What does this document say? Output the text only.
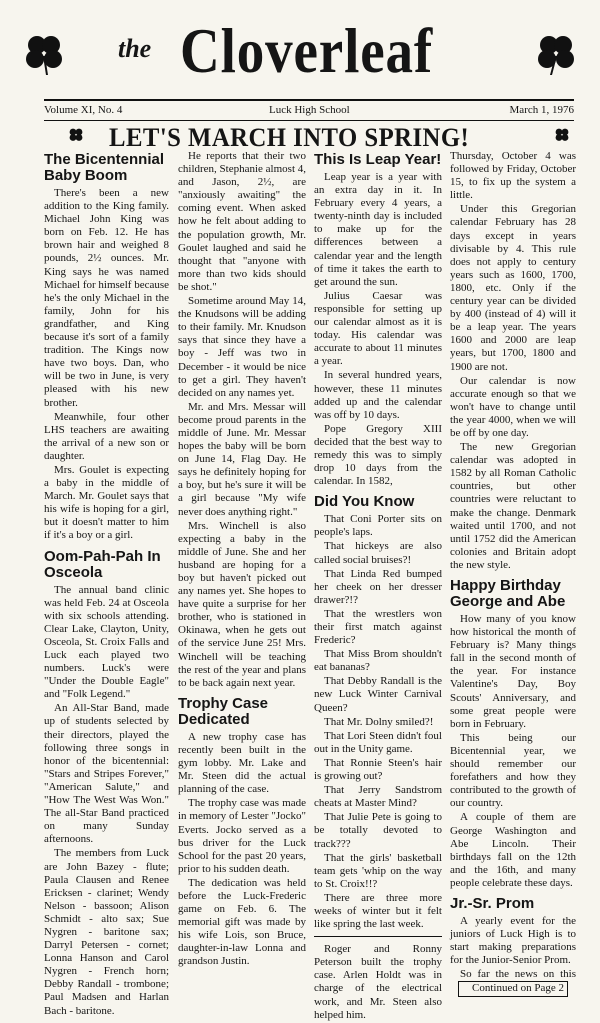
the Cloverleaf
Volume XI, No. 4	Luck High School	March 1, 1976
LET'S MARCH INTO SPRING!
The Bicentennial Baby Boom

There's been a new addition to the King family. Michael John King was born on Feb. 12. He has brown hair and weighed 8 pounds, 2½ ounces. Mr. King says he was named Michael for himself because he's the only Michael in the family, John for his grandfather, and King because it's sort of a family tradition. The Kings now have two boys. Dan, who will be two in June, is very pleased with his new brother.

Meanwhile, four other LHS teachers are awaiting the arrival of a new son or daughter.

Mrs. Goulet is expecting a baby in the middle of March. Mr. Goulet says that his wife is hoping for a girl, but it doesn't matter to him if it's a boy or a girl.

Oom-Pah-Pah In Osceola

The annual band clinic was held Feb. 24 at Osceola with six schools attending. Clear Lake, Clayton, Unity, Osceola, St. Croix Falls and Luck each played two numbers. Luck's were "Under the Double Eagle" and "Folk Legend."

An All-Star Band, made up of students selected by their directors, played the following three songs in honor of the bicentennial: "Stars and Stripes Forever," "American Salute," and "How The West Was Won." The all-Star Band practiced on many Sunday afternoons.

The members from Luck are John Bazey - flute; Paula Clausen and Renee Ericksen - clarinet; Wendy Nelson - bassoon; Alison Schmidt - alto sax; Sue Nygren - baritone sax; Darryl Petersen - cornet; Lonna Hanson and Carol Nygren - French horn; Debby Randall - trombone; Paul Madsen and Harlan Bach - baritone.

He reports that their two children, Stephanie almost 4, and Jason, 2½, are "anxiously awaiting" the coming event. When asked how he felt about adding to the population growth, Mr. Goulet laughed and said he thought that "anyone with more than two kids should be shot."

Sometime around May 14, the Knudsons will be adding to their family. Mr. Knudson says that since they have a boy - Jeff was two in December - it would be nice to get a girl. They haven't decided on any names yet.

Mr. and Mrs. Messar will become proud parents in the middle of June. Mr. Messar hopes the baby will be born on June 14, Flag Day. He says he definitely hoping for a boy, but he's sure it will be a girl because "My wife never does anything right."

Mrs. Winchell is also expecting a baby in the middle of June. She and her husband are hoping for a boy but haven't picked out any names yet. She hopes to have quite a surprise for her brother, who is stationed in Okinawa, when he gets out of the service June 25! Mrs. Winchell will be teaching the rest of the year and plans to be back again next year.

Trophy Case Dedicated

A new trophy case has recently been built in the gym lobby. Mr. Lake and Mr. Steen did the actual planning of the case.

The trophy case was made in memory of Lester "Jocko" Everts. Jocko served as a bus driver for the Luck School for the past 20 years, prior to his sudden death.

The dedication was held before the Luck-Frederic game on Feb. 6. The memorial gift was made by his wife Lois, son Bruce, daughter-in-law Lonna and grandson Justin.

This Is Leap Year!

Leap year is a year with an extra day in it. In February every 4 years, a twenty-ninth day is included to make up for the differences between a calendar year and the length of time it takes the earth to get around the sun.

Julius Caesar was responsible for setting up our calendar almost as it is today. His calendar was accurate to about 11 minutes a year.

In several hundred years, however, these 11 minutes added up and the calendar was off by 10 days.

Pope Gregory XIII decided that the best way to remedy this was to simply drop 10 days from the calendar. In 1582,

Did You Know

That Coni Porter sits on people's laps.

That hickeys are also called social bruises?!

That Linda Red bumped her cheek on her dresser drawer?!?

That the wrestlers won their first match against Frederic?

That Miss Brom shouldn't eat bananas?

That Debby Randall is the new Luck Winter Carnival Queen?

That Mr. Dolny smiled?!

That Lori Steen didn't foul out in the Unity game.

That Ronnie Steen's hair is growing out?

That Jerry Sandstrom cheats at Master Mind?

That Julie Pete is going to be totally devoted to track???

That the girls' basketball team gets 'whip on the way to St. Croix!!?

There are three more weeks of winter but it felt like spring the last week.

Roger and Ronny Peterson built the trophy case. Arlen Holdt was in charge of the electrical work, and Mr. Steen also helped him.

Thursday, October 4 was followed by Friday, October 15, to fix up the system a little.

Under this Gregorian calendar February has 28 days except in years divisable by 4. This rule does not apply to century years such as 1600, 1700, 1800, etc. Only if the century year can be divided by 400 (instead of 4) will it be a leap year. The years 1600 and 2000 are leap years, but 1700, 1800 and 1900 are not.

Our calendar is now accurate enough so that we won't have to change until the year 4000, when we will be off by one day.

The new Gregorian calendar was adopted in 1582 by all Roman Catholic countries, but other countries were reluctant to make the change. Denmark waited until 1700, and not until 1752 did the American colonies and Britain adopt the new style.

Happy Birthday George and Abe

How many of you know how historical the month of February is? Many things fall in the second month of the year. For instance Valentine's Day, Boy Scouts' Anniversary, and some great people were born in February.

This being our Bicentennial year, we should remember our forefathers and how they contributed to the growth of our country.

A couple of them are George Washington and Abe Lincoln. Their birthdays fall on the 12th and the 16th, and many people celebrate these days.

Jr.-Sr. Prom

A yearly event for the juniors of Luck High is to start making preparations for the Junior-Senior Prom.

So far the news on thisContinued on Page 2
